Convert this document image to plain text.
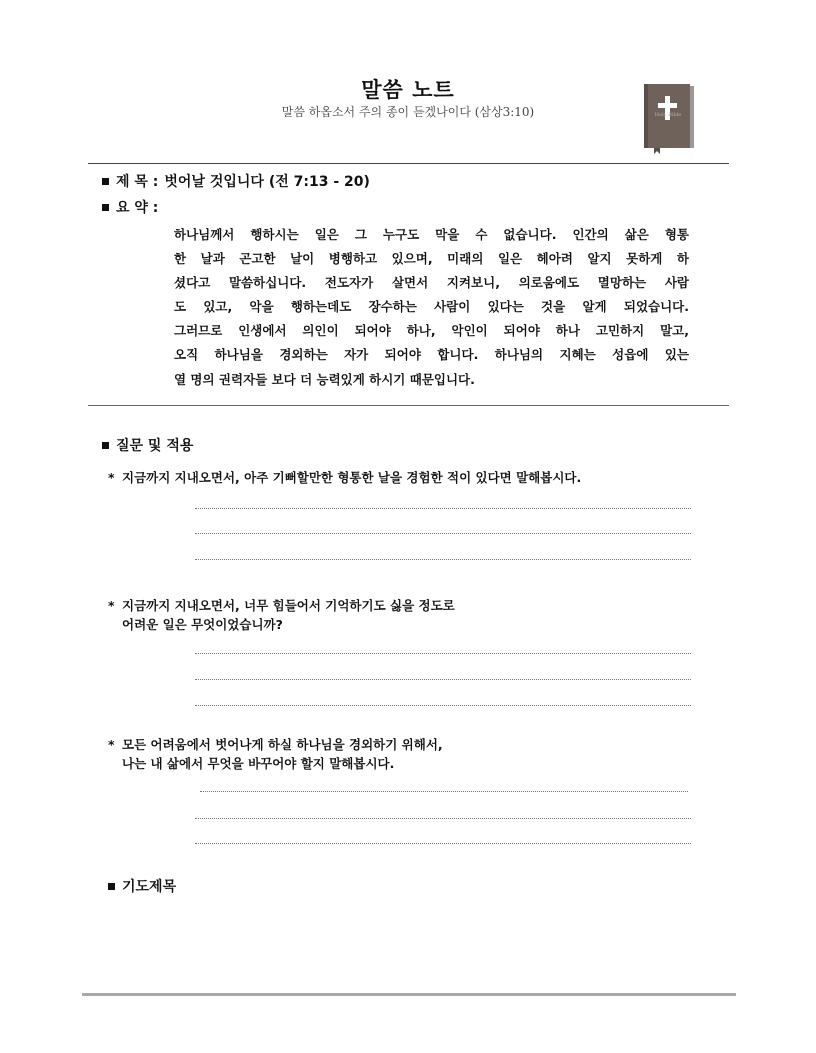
말씀 노트
말씀 하옵소서 주의 종이 듣겠나이다 (삼상3:10)	Holy Bible
제 목 : 벗어날 것입니다 (전 7:13 - 20)
요 약 :
하나님께서 행하시는 일은 그 누구도 막을 수 없습니다. 인간의 삶은 형통
한 날과 곤고한 날이 병행하고 있으며, 미래의 일은 헤아려 알지 못하게 하
셨다고 말씀하십니다. 전도자가 살면서 지켜보니, 의로움에도 멸망하는 사람
도 있고, 악을 행하는데도 장수하는 사람이 있다는 것을 알게 되었습니다.
그러므로 인생에서 의인이 되어야 하나, 악인이 되어야 하나 고민하지 말고,
오직 하나님을 경외하는 자가 되어야 합니다. 하나님의 지혜는 성읍에 있는
열 명의 권력자들 보다 더 능력있게 하시기 때문입니다.
질문 및 적용
* 지금까지 지내오면서, 아주 기뻐할만한 형통한 날을 경험한 적이 있다면 말해봅시다.
* 지금까지 지내오면서, 너무 힘들어서 기억하기도 싫을 정도로
어려운 일은 무엇이었습니까?
* 모든 어려움에서 벗어나게 하실 하나님을 경외하기 위해서,
나는 내 삶에서 무엇을 바꾸어야 할지 말해봅시다.
기도제목
